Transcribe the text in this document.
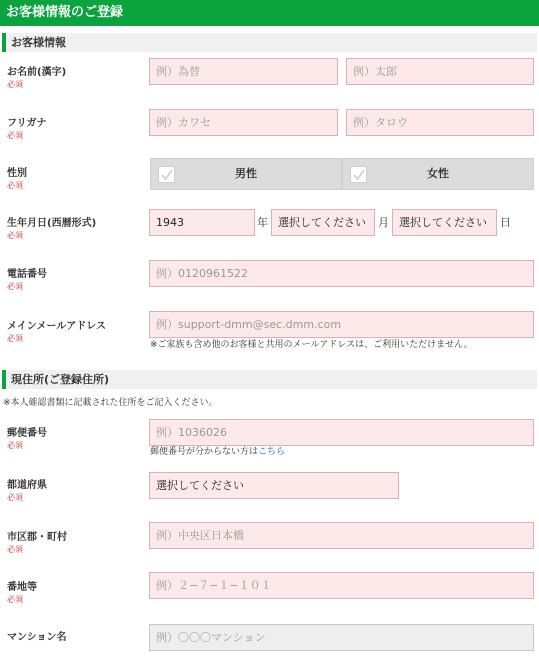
お客様情報のご登録
お客様情報
お名前(漢字)
必須
例）為替	例）太郎
フリガナ
必須
例）カワセ	例）タロウ
性別
必須
男性	女性
生年月日(西暦形式)
必須
1943	年 選択してください	月 選択してください	日
電話番号
必須
例）0120961522
メインメールアドレス
必須
例）support-dmm@sec.dmm.com
※ご家族も含め他のお客様と共用のメールアドレスは、ご利用いただけません。
現住所(ご登録住所)
※本人確認書類に記載された住所をご記入ください。
郵便番号
必須
例）1036026
郵便番号が分からない方はこちら
都道府県
必須
選択してください
市区郡・町村
必須
例）中央区日本橋
番地等
必須
例）２−７−１−１０１
マンション名	例）〇〇〇マンション
